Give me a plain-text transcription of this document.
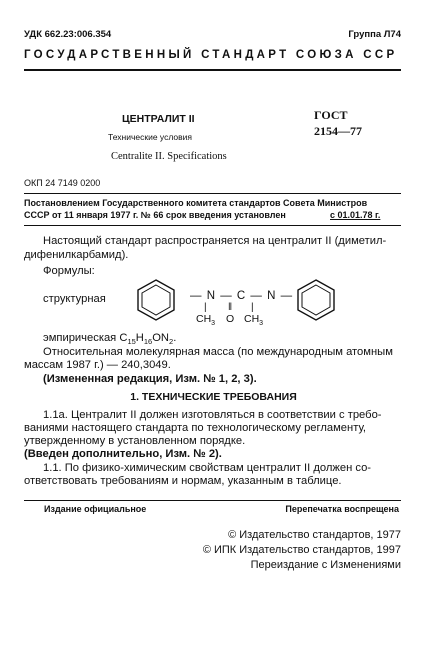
УДК 662.23:006.354	Группа Л74
ГОСУДАРСТВЕННЫЙ СТАНДАРТ СОЮЗА ССР
ЦЕНТРАЛИТ II
Технические условия
Centralite II. Specifications
ГОСТ
2154—77
ОКП 24 7149 0200
Постановлением Государственного комитета стандартов Совета Министров
СССР от 11 января 1977 г. № 66 срок введения установлен	с 01.01.78 г.
Настоящий стандарт распространяется на централит II (диметил-
дифенилкарбамид).
Формулы:
структурная	— N — C — N —
| ‖ |
$CH_3$ O $CH_3$
эмпирическая $C_{15}H_{16}ON_2$.
Относительная молекулярная масса (по международным атомным
массам 1987 г.) — 240,3049.
(Измененная редакция, Изм. № 1, 2, 3).
1. ТЕХНИЧЕСКИЕ ТРЕБОВАНИЯ
1.1а. Централит II должен изготовляться в соответствии с требо-
ваниями настоящего стандарта по технологическому регламенту,
утвержденному в установленном порядке.
(Введен дополнительно, Изм. № 2).
1.1. По физико-химическим свойствам централит II должен со-
ответствовать требованиям и нормам, указанным в таблице.
Издание официальное	Перепечатка воспрещена
© Издательство стандартов, 1977
© ИПК Издательство стандартов, 1997
Переиздание с Изменениями
